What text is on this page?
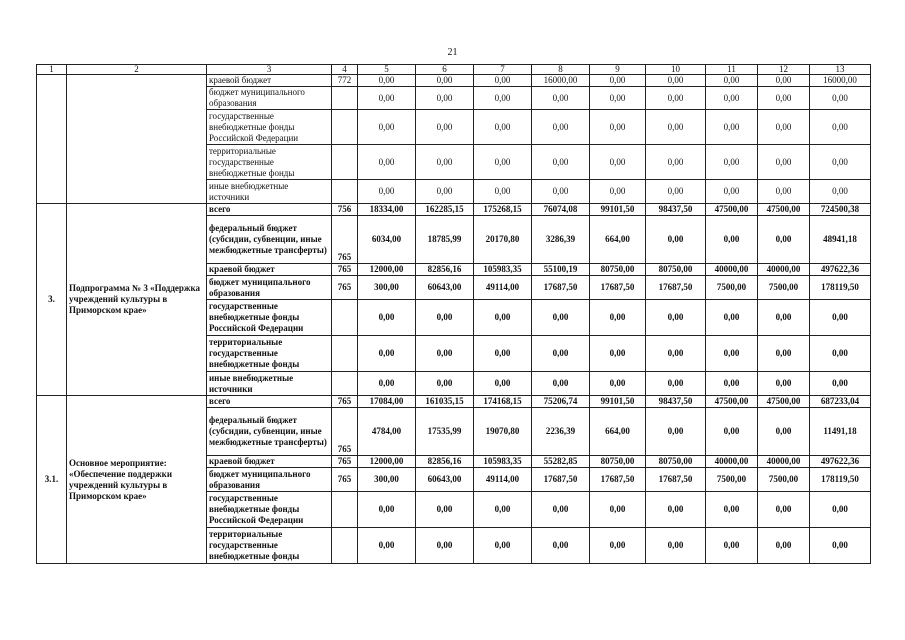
21
1	2	3	4	5	6	7	8	9	10	11	12	13
		краевой бюджет	772	0,00	0,00	0,00	16000,00	0,00	0,00	0,00	0,00	16000,00
		бюджет муниципального образования		0,00	0,00	0,00	0,00	0,00	0,00	0,00	0,00	0,00
		государственные внебюджетные фонды Российской Федерации		0,00	0,00	0,00	0,00	0,00	0,00	0,00	0,00	0,00
		территориальные государственные внебюджетные фонды		0,00	0,00	0,00	0,00	0,00	0,00	0,00	0,00	0,00
		иные внебюджетные источники		0,00	0,00	0,00	0,00	0,00	0,00	0,00	0,00	0,00
3.	Подпрограмма № 3 «Поддержка учреждений культуры в Приморском крае»	всего	756	18334,00	162285,15	175268,15	76074,08	99101,50	98437,50	47500,00	47500,00	724500,38
		федеральный бюджет (субсидии, субвенции, иные межбюджетные трансферты)	765	6034,00	18785,99	20170,80	3286,39	664,00	0,00	0,00	0,00	48941,18
		краевой бюджет	765	12000,00	82856,16	105983,35	55100,19	80750,00	80750,00	40000,00	40000,00	497622,36
		бюджет муниципального образования	765	300,00	60643,00	49114,00	17687,50	17687,50	17687,50	7500,00	7500,00	178119,50
		государственные внебюджетные фонды Российской Федерации		0,00	0,00	0,00	0,00	0,00	0,00	0,00	0,00	0,00
		территориальные государственные внебюджетные фонды		0,00	0,00	0,00	0,00	0,00	0,00	0,00	0,00	0,00
		иные внебюджетные источники		0,00	0,00	0,00	0,00	0,00	0,00	0,00	0,00	0,00
3.1.	Основное мероприятие: «Обеспечение поддержки учреждений культуры в Приморском крае»	всего	765	17084,00	161035,15	174168,15	75206,74	99101,50	98437,50	47500,00	47500,00	687233,04
		федеральный бюджет (субсидии, субвенции, иные межбюджетные трансферты)	765	4784,00	17535,99	19070,80	2236,39	664,00	0,00	0,00	0,00	11491,18
		краевой бюджет	765	12000,00	82856,16	105983,35	55282,85	80750,00	80750,00	40000,00	40000,00	497622,36
		бюджет муниципального образования	765	300,00	60643,00	49114,00	17687,50	17687,50	17687,50	7500,00	7500,00	178119,50
		государственные внебюджетные фонды Российской Федерации		0,00	0,00	0,00	0,00	0,00	0,00	0,00	0,00	0,00
		территориальные государственные внебюджетные фонды		0,00	0,00	0,00	0,00	0,00	0,00	0,00	0,00	0,00
